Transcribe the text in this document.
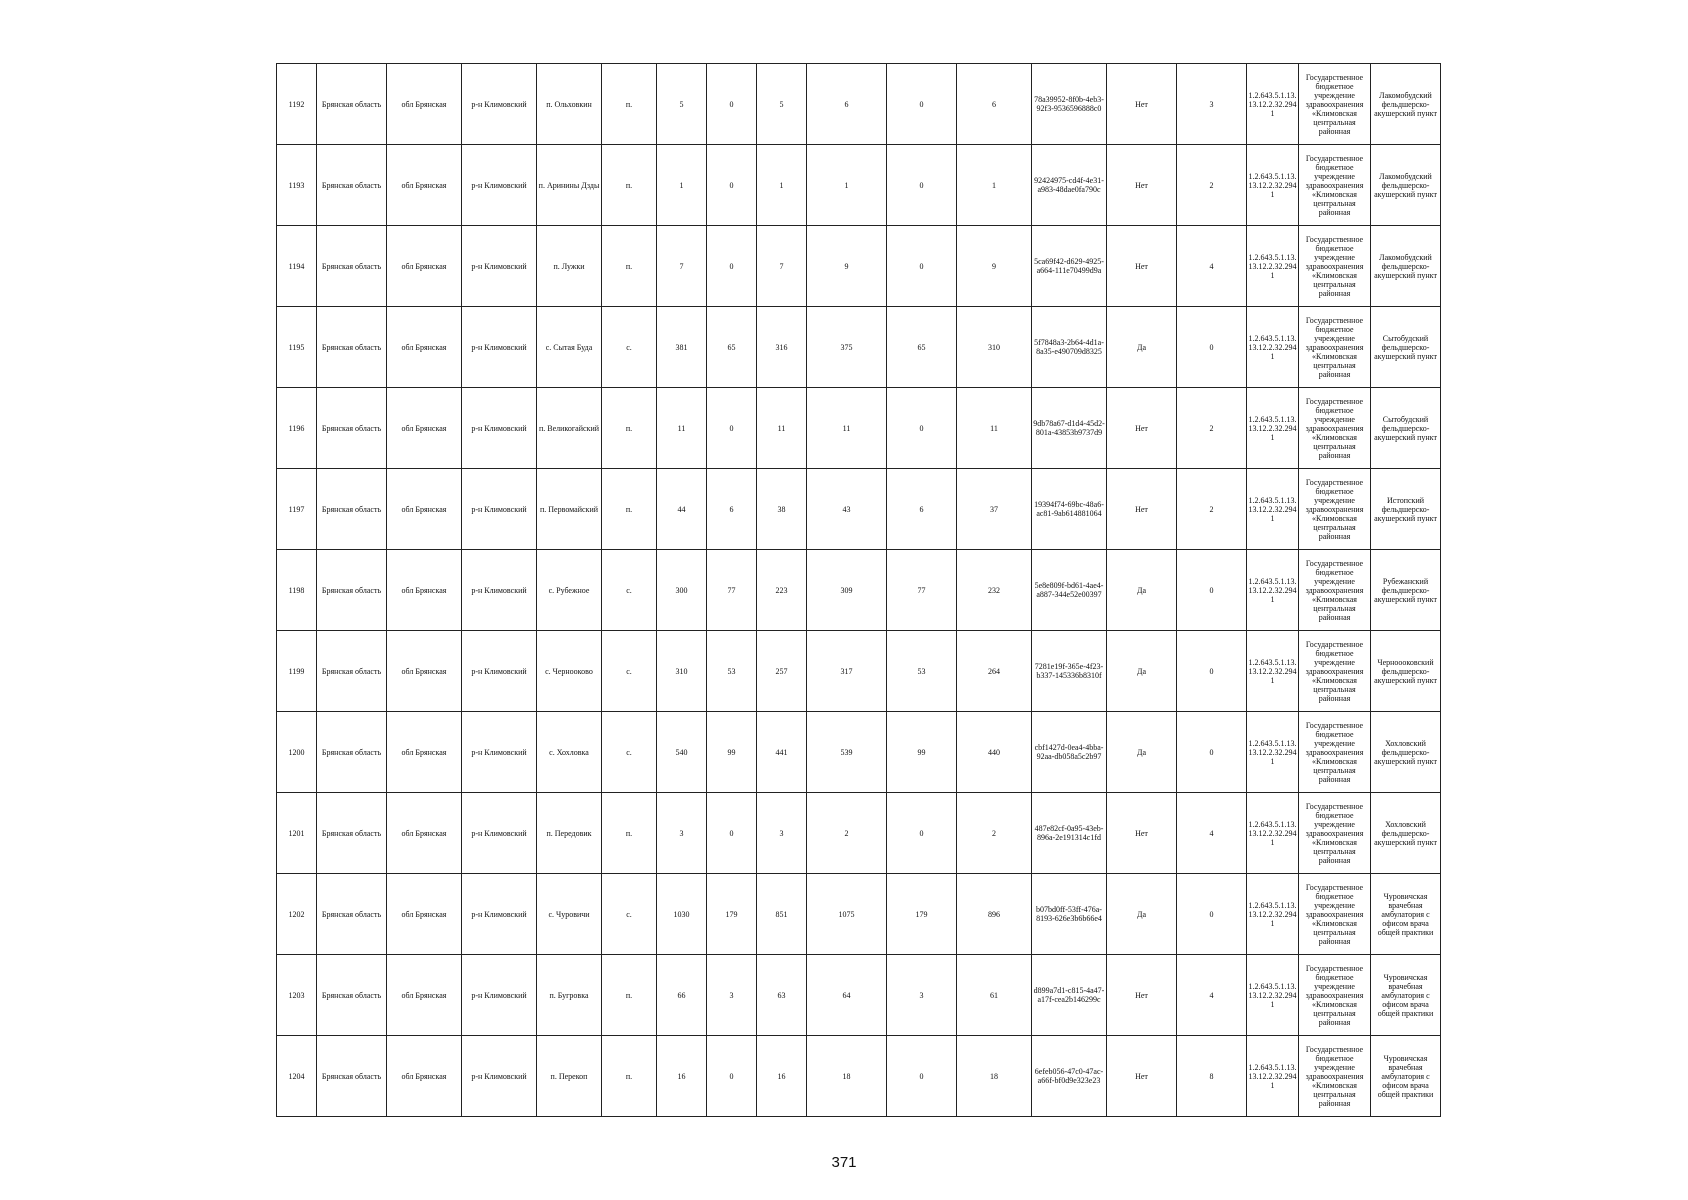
1192	Брянская область	обл Брянская	р-н Климовский	п. Ольховкин	п.	5	0	5	6	0	6	78a39952-8f0b-4eb3-92f3-9536596888c0	Нет	3	1.2.643.5.1.13.13.12.2.32.2941	Государственное бюджетное учреждение здравоохранения «Климовская центральная районная	Лакомобудский фельдшерско-акушерский пункт
1193	Брянская область	обл Брянская	р-н Климовский	п. Аринины Дзды	п.	1	0	1	1	0	1	92424975-cd4f-4e31-a983-48dae0fa790c	Нет	2	1.2.643.5.1.13.13.12.2.32.2941	Государственное бюджетное учреждение здравоохранения «Климовская центральная районная	Лакомобудский фельдшерско-акушерский пункт
1194	Брянская область	обл Брянская	р-н Климовский	п. Лужки	п.	7	0	7	9	0	9	5ca69f42-d629-4925-a664-111e70499d9a	Нет	4	1.2.643.5.1.13.13.12.2.32.2941	Государственное бюджетное учреждение здравоохранения «Климовская центральная районная	Лакомобудский фельдшерско-акушерский пункт
1195	Брянская область	обл Брянская	р-н Климовский	с. Сытая Буда	с.	381	65	316	375	65	310	5f7848a3-2b64-4d1a-8a35-e490709d8325	Да	0	1.2.643.5.1.13.13.12.2.32.2941	Государственное бюджетное учреждение здравоохранения «Климовская центральная районная	Сытобудский фельдшерско-акушерский пункт
1196	Брянская область	обл Брянская	р-н Климовский	п. Великогайский	п.	11	0	11	11	0	11	9db78a67-d1d4-45d2-801a-43853b9737d9	Нет	2	1.2.643.5.1.13.13.12.2.32.2941	Государственное бюджетное учреждение здравоохранения «Климовская центральная районная	Сытобудский фельдшерско-акушерский пункт
1197	Брянская область	обл Брянская	р-н Климовский	п. Первомайский	п.	44	6	38	43	6	37	19394f74-69bc-48a6-ac81-9ab614881064	Нет	2	1.2.643.5.1.13.13.12.2.32.2941	Государственное бюджетное учреждение здравоохранения «Климовская центральная районная	Истопский фельдшерско-акушерский пункт
1198	Брянская область	обл Брянская	р-н Климовский	с. Рубежное	с.	300	77	223	309	77	232	5e8e809f-bd61-4ae4-a887-344e52e00397	Да	0	1.2.643.5.1.13.13.12.2.32.2941	Государственное бюджетное учреждение здравоохранения «Климовская центральная районная	Рубежанский фельдшерско-акушерский пункт
1199	Брянская область	обл Брянская	р-н Климовский	с. Чернооково	с.	310	53	257	317	53	264	7281e19f-365e-4f23-b337-145336b8310f	Да	0	1.2.643.5.1.13.13.12.2.32.2941	Государственное бюджетное учреждение здравоохранения «Климовская центральная районная	Черноооковский фельдшерско-акушерский пункт
1200	Брянская область	обл Брянская	р-н Климовский	с. Хохловка	с.	540	99	441	539	99	440	cbf1427d-0ea4-4bba-92aa-db058a5c2b97	Да	0	1.2.643.5.1.13.13.12.2.32.2941	Государственное бюджетное учреждение здравоохранения «Климовская центральная районная	Хохловский фельдшерско-акушерский пункт
1201	Брянская область	обл Брянская	р-н Климовский	п. Передовик	п.	3	0	3	2	0	2	487e82cf-0a95-43eb-896a-2e191314c1fd	Нет	4	1.2.643.5.1.13.13.12.2.32.2941	Государственное бюджетное учреждение здравоохранения «Климовская центральная районная	Хохловский фельдшерско-акушерский пункт
1202	Брянская область	обл Брянская	р-н Климовский	с. Чуровичи	с.	1030	179	851	1075	179	896	b07bd0ff-53ff-476a-8193-626e3b6b66e4	Да	0	1.2.643.5.1.13.13.12.2.32.2941	Государственное бюджетное учреждение здравоохранения «Климовская центральная районная	Чуровичская врачебная амбулатория с офисом врача общей практики
1203	Брянская область	обл Брянская	р-н Климовский	п. Бугровка	п.	66	3	63	64	3	61	d899a7d1-c815-4a47-a17f-cea2b146299c	Нет	4	1.2.643.5.1.13.13.12.2.32.2941	Государственное бюджетное учреждение здравоохранения «Климовская центральная районная	Чуровичская врачебная амбулатория с офисом врача общей практики
1204	Брянская область	обл Брянская	р-н Климовский	п. Перекоп	п.	16	0	16	18	0	18	6efeb056-47c0-47ac-a66f-bf0d9e323e23	Нет	8	1.2.643.5.1.13.13.12.2.32.2941	Государственное бюджетное учреждение здравоохранения «Климовская центральная районная	Чуровичская врачебная амбулатория с офисом врача общей практики
371
